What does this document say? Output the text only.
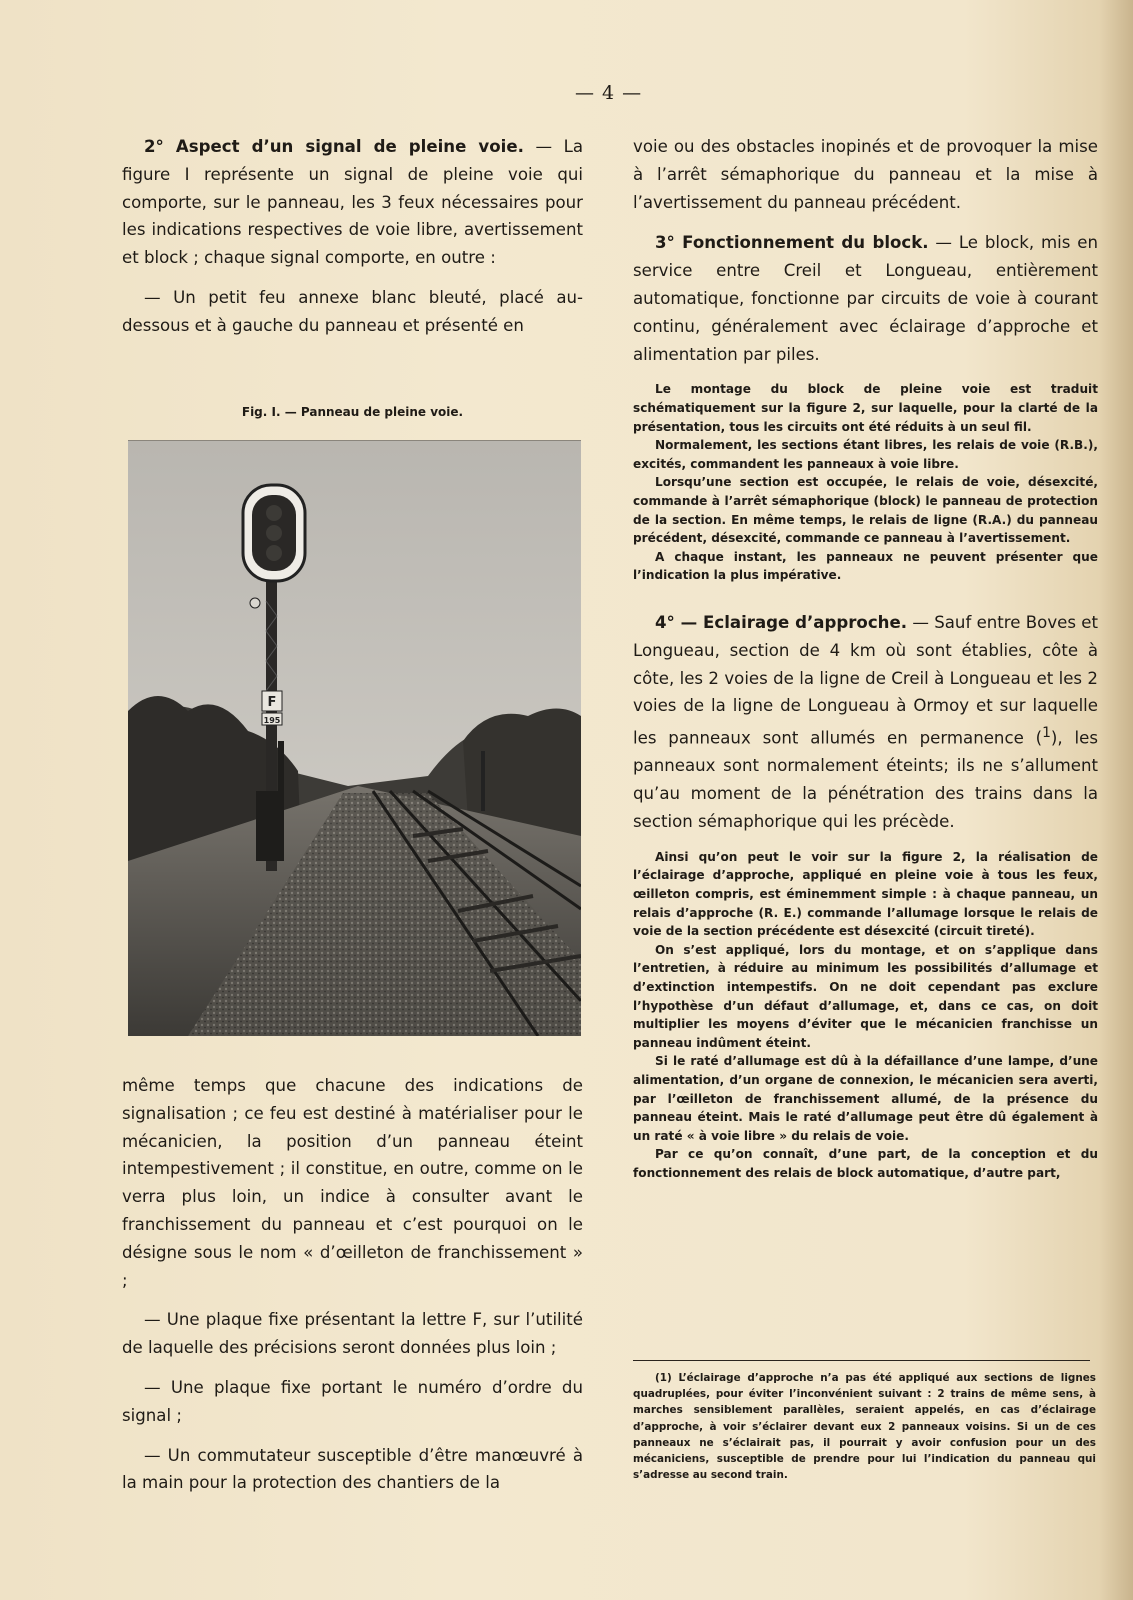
— 4 —

2° Aspect d’un signal de pleine voie. — La figure I représente un signal de pleine voie qui comporte, sur le panneau, les 3 feux nécessaires pour les indications respectives de voie libre, avertissement et block ; chaque signal comporte, en outre :

— Un petit feu annexe blanc bleuté, placé au-dessous et à gauche du panneau et présenté en

Fig. I. — Panneau de pleine voie.
F
195

même temps que chacune des indications de signalisation ; ce feu est destiné à matérialiser pour le mécanicien, la position d’un panneau éteint intempestivement ; il constitue, en outre, comme on le verra plus loin, un indice à consulter avant le franchissement du panneau et c’est pourquoi on le désigne sous le nom « d’œilleton de franchissement » ;

— Une plaque fixe présentant la lettre F, sur l’utilité de laquelle des précisions seront données plus loin ;

— Une plaque fixe portant le numéro d’ordre du signal ;

— Un commutateur susceptible d’être manœuvré à la main pour la protection des chantiers de la

voie ou des obstacles inopinés et de provoquer la mise à l’arrêt sémaphorique du panneau et la mise à l’avertissement du panneau précédent.

3° Fonctionnement du block. — Le block, mis en service entre Creil et Longueau, entièrement automatique, fonctionne par circuits de voie à courant continu, généralement avec éclairage d’approche et alimentation par piles.

Le montage du block de pleine voie est traduit schématiquement sur la figure 2, sur laquelle, pour la clarté de la présentation, tous les circuits ont été réduits à un seul fil.

Normalement, les sections étant libres, les relais de voie (R.B.), excités, commandent les panneaux à voie libre.

Lorsqu’une section est occupée, le relais de voie, désexcité, commande à l’arrêt sémaphorique (block) le panneau de protection de la section. En même temps, le relais de ligne (R.A.) du panneau précédent, désexcité, commande ce panneau à l’avertissement.

A chaque instant, les panneaux ne peuvent présenter que l’indication la plus impérative.

4° — Eclairage d’approche. — Sauf entre Boves et Longueau, section de 4 km où sont établies, côte à côte, les 2 voies de la ligne de Creil à Longueau et les 2 voies de la ligne de Longueau à Ormoy et sur laquelle les panneaux sont allumés en permanence ($^1$), les panneaux sont normalement éteints; ils ne s’allument qu’au moment de la pénétration des trains dans la section sémaphorique qui les précède.

Ainsi qu’on peut le voir sur la figure 2, la réalisation de l’éclairage d’approche, appliqué en pleine voie à tous les feux, œilleton compris, est éminemment simple : à chaque panneau, un relais d’approche (R. E.) commande l’allumage lorsque le relais de voie de la section précédente est désexcité (circuit tireté).

On s’est appliqué, lors du montage, et on s’applique dans l’entretien, à réduire au minimum les possibilités d’allumage et d’extinction intempestifs. On ne doit cependant pas exclure l’hypothèse d’un défaut d’allumage, et, dans ce cas, on doit multiplier les moyens d’éviter que le mécanicien franchisse un panneau indûment éteint.

Si le raté d’allumage est dû à la défaillance d’une lampe, d’une alimentation, d’un organe de connexion, le mécanicien sera averti, par l’œilleton de franchissement allumé, de la présence du panneau éteint. Mais le raté d’allumage peut être dû également à un raté « à voie libre » du relais de voie.

Par ce qu’on connaît, d’une part, de la conception et du fonctionnement des relais de block automatique, d’autre part,

(1) L’éclairage d’approche n’a pas été appliqué aux sections de lignes quadruplées, pour éviter l’inconvénient suivant : 2 trains de même sens, à marches sensiblement parallèles, seraient appelés, en cas d’éclairage d’approche, à voir s’éclairer devant eux 2 panneaux voisins. Si un de ces panneaux ne s’éclairait pas, il pourrait y avoir confusion pour un des mécaniciens, susceptible de prendre pour lui l’indication du panneau qui s’adresse au second train.
